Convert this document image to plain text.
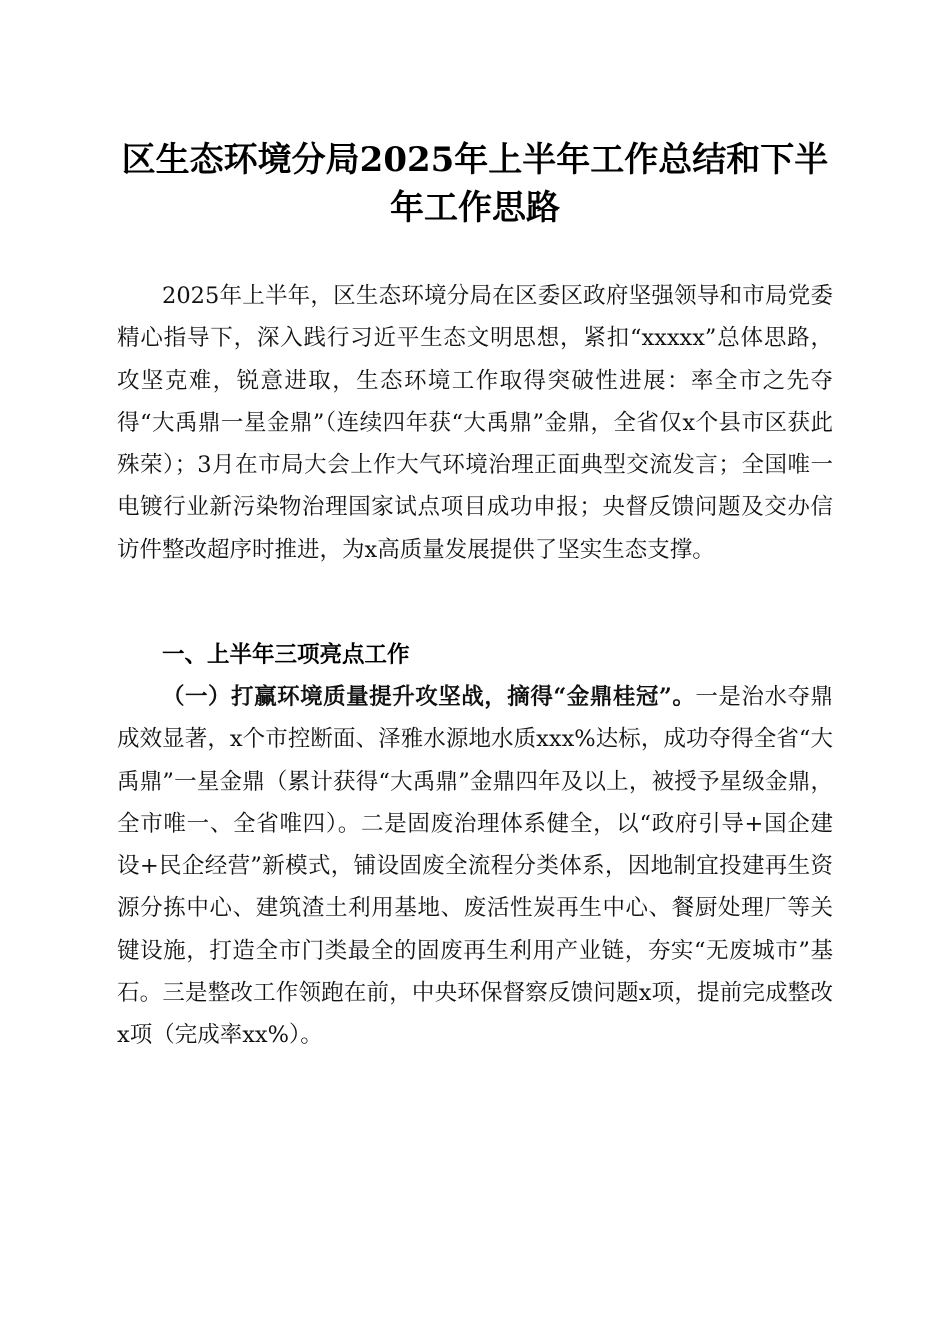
区生态环境分局2025年上半年工作总结和下半年工作思路

2025年上半年，区生态环境分局在区委区政府坚强领导和市局党委精心指导下，深入践行习近平生态文明思想，紧扣“xxxxx”总体思路，攻坚克难，锐意进取，生态环境工作取得突破性进展：率全市之先夺得“大禹鼎一星金鼎”（连续四年获“大禹鼎”金鼎，全省仅x个县市区获此殊荣）；3月在市局大会上作大气环境治理正面典型交流发言；全国唯一电镀行业新污染物治理国家试点项目成功申报；央督反馈问题及交办信访件整改超序时推进，为x高质量发展提供了坚实生态支撑。

一、上半年三项亮点工作

（一）打赢环境质量提升攻坚战，摘得“金鼎桂冠”。一是治水夺鼎成效显著，x个市控断面、泽雅水源地水质xxx%达标，成功夺得全省“大禹鼎”一星金鼎（累计获得“大禹鼎”金鼎四年及以上，被授予星级金鼎，全市唯一、全省唯四）。二是固废治理体系健全，以“政府引导+国企建设+民企经营”新模式，铺设固废全流程分类体系，因地制宜投建再生资源分拣中心、建筑渣土利用基地、废活性炭再生中心、餐厨处理厂等关键设施，打造全市门类最全的固废再生利用产业链，夯实“无废城市”基石。三是整改工作领跑在前，中央环保督察反馈问题x项，提前完成整改x项（完成率xx%）。
